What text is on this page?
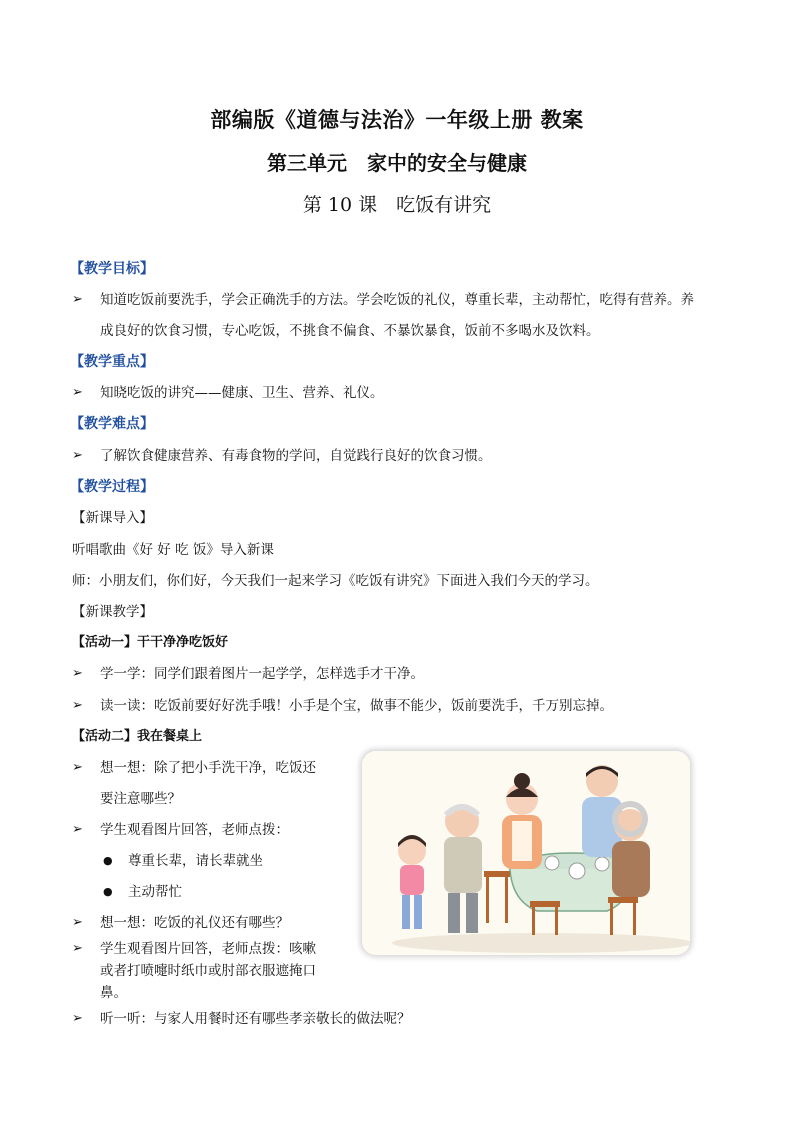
部编版《道德与法治》一年级上册 教案
第三单元　家中的安全与健康
第 10 课　吃饭有讲究
【教学目标】
➢ 知道吃饭前要洗手，学会正确洗手的方法。学会吃饭的礼仪，尊重长辈，主动帮忙，吃得有营养。养
成良好的饮食习惯，专心吃饭，不挑食不偏食、不暴饮暴食，饭前不多喝水及饮料。
【教学重点】
➢ 知晓吃饭的讲究——健康、卫生、营养、礼仪。
【教学难点】
➢ 了解饮食健康营养、有毒食物的学问，自觉践行良好的饮食习惯。
【教学过程】
【新课导入】
听唱歌曲《好 好 吃 饭》导入新课
师：小朋友们，你们好，今天我们一起来学习《吃饭有讲究》下面进入我们今天的学习。
【新课教学】
【活动一】干干净净吃饭好
➢ 学一学：同学们跟着图片一起学学，怎样选手才干净。
➢ 读一读：吃饭前要好好洗手哦！小手是个宝，做事不能少，饭前要洗手，千万别忘掉。
【活动二】我在餐桌上
➢ 想一想：除了把小手洗干净，吃饭还
要注意哪些？
➢ 学生观看图片回答，老师点拨：
● 尊重长辈，请长辈就坐
● 主动帮忙
➢ 想一想：吃饭的礼仪还有哪些？
➢ 学生观看图片回答，老师点拨：咳嗽
或者打喷嚏时纸巾或肘部衣服遮掩口
鼻。
➢ 听一听：与家人用餐时还有哪些孝亲敬长的做法呢？
